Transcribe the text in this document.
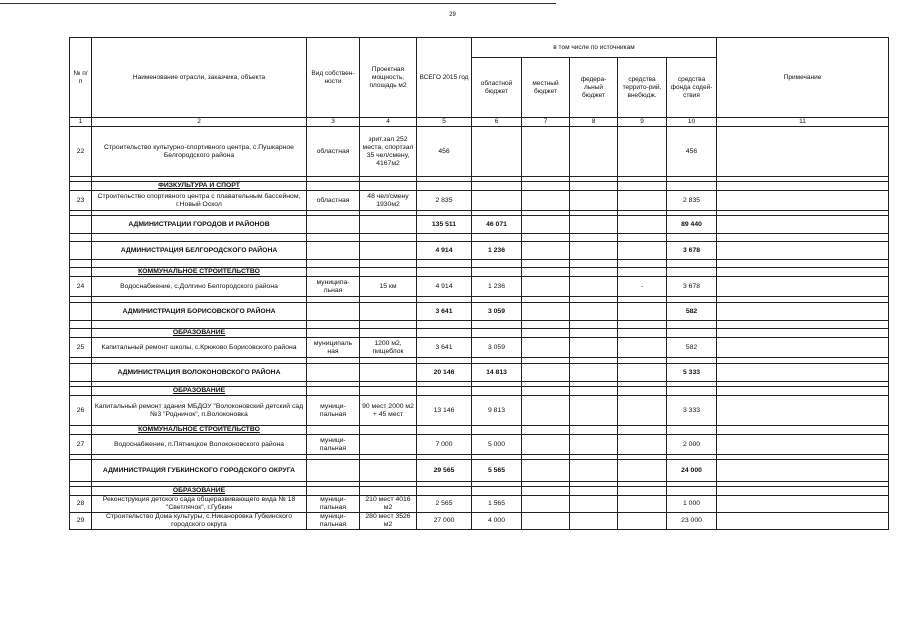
29
№ п/п	Наименование отрасли, заказчика, объекта	Вид собствен-ности	Проектная мощность, площадь м2	ВСЕГО 2015 год	в том числе по источникам					Примечание
					областной бюджет	местный бюджет	федера-льный бюджет	средства террито-рий, внебюдж.	средства фонда содей-ствия	
1	2	3	4	5	6	7	8	9	10	11
22	Строительство культурно-спортивного центра, с.Пушкарное Белгородского района	областная	зрит.зал 252 места, спортзал 35 чел/смену, 4167м2	456					456	

	ФИЗКУЛЬТУРА И СПОРТ									
23	Строительство спортивного центра с плавательным бассейном, г.Новый Оскол	областная	48 чел/смену 1930м2	2 835					2 835	

	АДМИНИСТРАЦИИ ГОРОДОВ И РАЙОНОВ			135 511	46 071				89 440	

	АДМИНИСТРАЦИЯ БЕЛГОРОДСКОГО РАЙОНА			4 914	1 236				3 678	

	КОММУНАЛЬНОЕ СТРОИТЕЛЬСТВО									
24	Водоснабжение, с.Долгино Белгородского района	муниципа-льная	15 км	4 914	1 236			-	3 678	

	АДМИНИСТРАЦИЯ БОРИСОВСКОГО РАЙОНА			3 641	3 059				582	

	ОБРАЗОВАНИЕ									
25	Капитальный ремонт школы, с.Крюково Борисовского района	муниципаль ная	1200 м2, пищеблок	3 641	3 059				582	

	АДМИНИСТРАЦИЯ ВОЛОКОНОВСКОГО РАЙОНА			20 146	14 813				5 333	

	ОБРАЗОВАНИЕ									
26	Капитальный ремонт здания МБДОУ "Волоконовский детский сад №3 "Родничок", п.Волоконовка	муници-пальная	90 мест 2000 м2 + 45 мест	13 146	9 813				3 333	
	КОММУНАЛЬНОЕ СТРОИТЕЛЬСТВО									
27	Водоснабжение, п.Пятницкое Волоконовского района	муници-пальная		7 000	5 000				2 000	

	АДМИНИСТРАЦИЯ ГУБКИНСКОГО ГОРОДСКОГО ОКРУГА			29 565	5 565				24 000	

	ОБРАЗОВАНИЕ									
28	Реконструкция детского сада общеразвивающего вида № 18 "Светлячок", г.Губкин	муници-пальная	210 мест 4016 м2	2 565	1 565				1 000	
29	Строительство Дома культуры, с.Никаноровка Губкинского городского округа	муници-пальная	280 мест 3526 м2	27 000	4 000				23 000	
